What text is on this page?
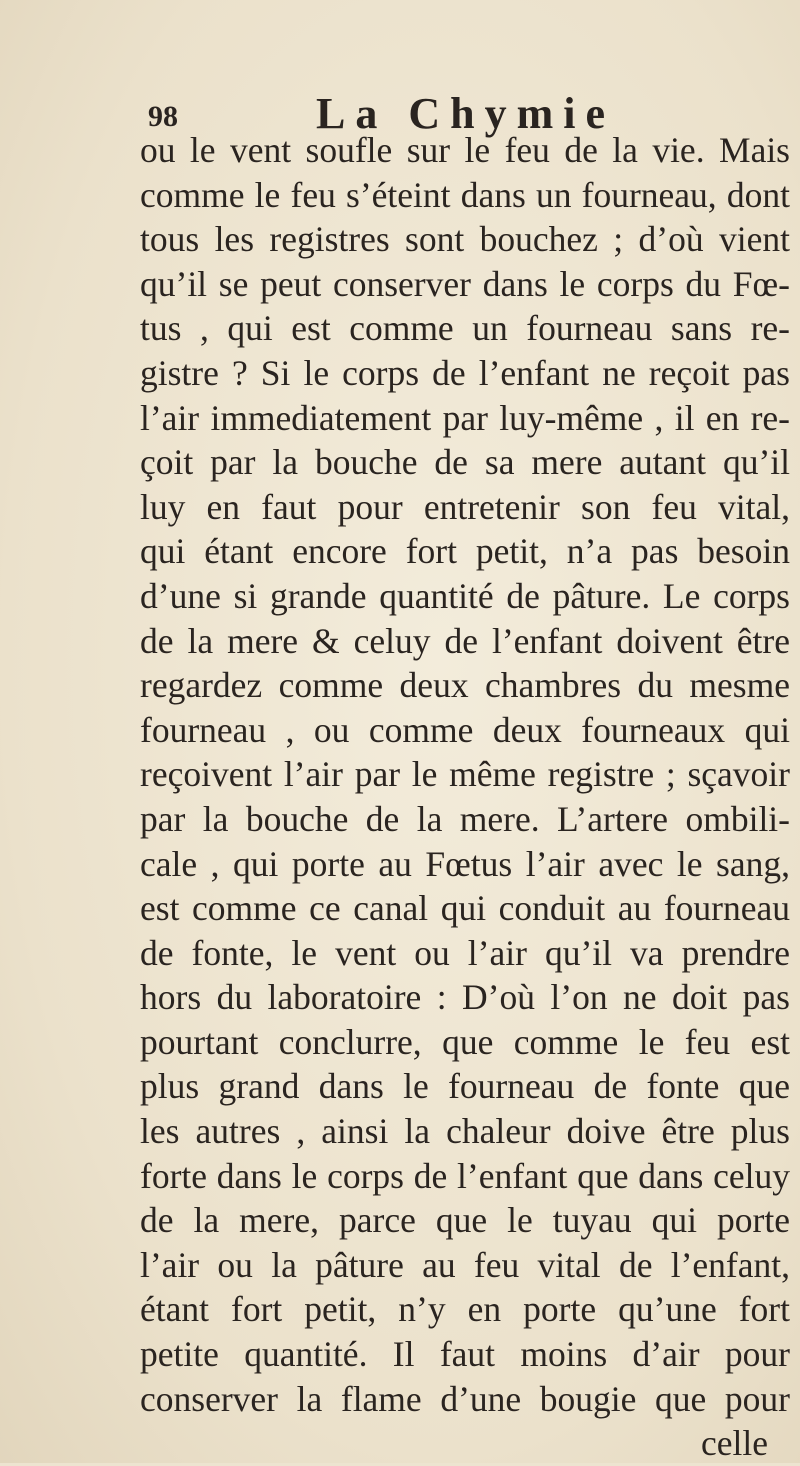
98	La Chymie
ou le vent soufle sur le feu de la vie. Mais
comme le feu s’éteint dans un fourneau, dont
tous les registres sont bouchez ; d’où vient
qu’il se peut conserver dans le corps du Fœ-
tus , qui est comme un fourneau sans re-
gistre ? Si le corps de l’enfant ne reçoit pas
l’air immediatement par luy-même , il en re-
çoit par la bouche de sa mere autant qu’il
luy en faut pour entretenir son feu vital,
qui étant encore fort petit, n’a pas besoin
d’une si grande quantité de pâture. Le corps
de la mere & celuy de l’enfant doivent être
regardez comme deux chambres du mesme
fourneau , ou comme deux fourneaux qui
reçoivent l’air par le même registre ; sçavoir
par la bouche de la mere. L’artere ombili-
cale , qui porte au Fœtus l’air avec le sang,
est comme ce canal qui conduit au fourneau
de fonte, le vent ou l’air qu’il va prendre
hors du laboratoire : D’où l’on ne doit pas
pourtant conclurre, que comme le feu est
plus grand dans le fourneau de fonte que
les autres , ainsi la chaleur doive être plus
forte dans le corps de l’enfant que dans celuy
de la mere, parce que le tuyau qui porte
l’air ou la pâture au feu vital de l’enfant,
étant fort petit, n’y en porte qu’une fort
petite quantité. Il faut moins d’air pour
conserver la flame d’une bougie que pour
celle
